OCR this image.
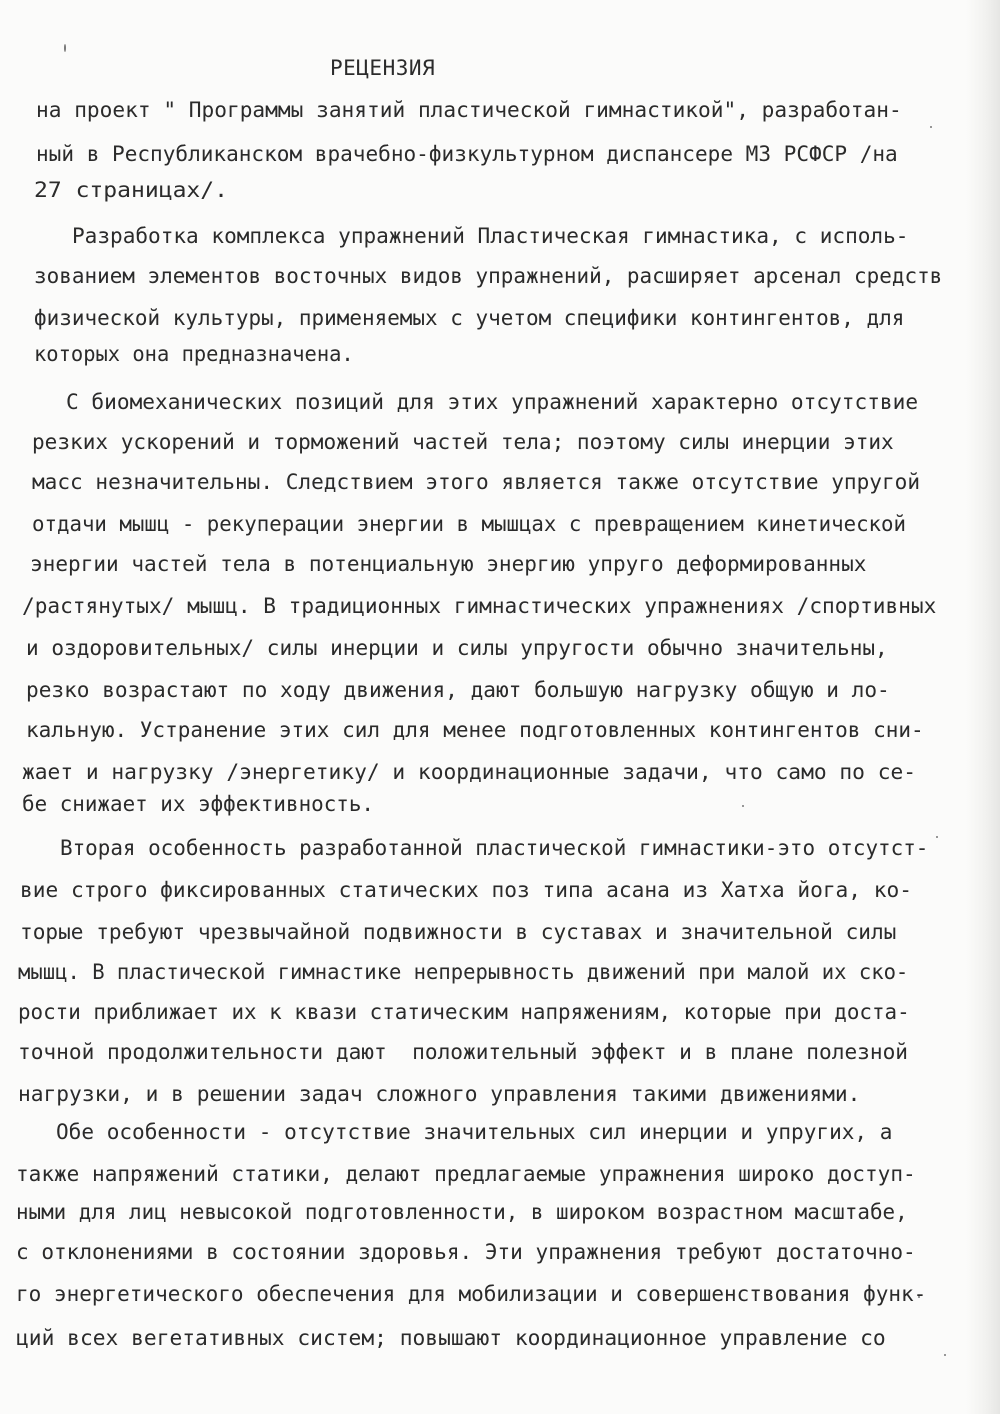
РЕЦЕНЗИЯ
на проект " Программы занятий пластической гимнастикой", разработан-
ный в Республиканском врачебно-физкультурном диспансере МЗ РСФСР /на
27 страницах/.
Разработка комплекса упражнений Пластическая гимнастика, с исполь-
зованием элементов восточных видов упражнений, расширяет арсенал средств
физической культуры, применяемых с учетом специфики контингентов, для
которых она предназначена.
С биомеханических позиций для этих упражнений характерно отсутствие
резких ускорений и торможений частей тела; поэтому силы инерции этих
масс незначительны. Следствием этого является также отсутствие упругой
отдачи мышц - рекуперации энергии в мышцах с превращением кинетической
энергии частей тела в потенциальную энергию упруго деформированных
/растянутых/ мышц. В традиционных гимнастических упражнениях /спортивных
и оздоровительных/ силы инерции и силы упругости обычно значительны,
резко возрастают по ходу движения, дают большую нагрузку общую и ло-
кальную. Устранение этих сил для менее подготовленных контингентов сни-
жает и нагрузку /энергетику/ и координационные задачи, что само по се-
бе снижает их эффективность.
Вторая особенность разработанной пластической гимнастики-это отсутст-
вие строго фиксированных статических поз типа асана из Хатха йога, ко-
торые требуют чрезвычайной подвижности в суставах и значительной силы
мышц. В пластической гимнастике непрерывность движений при малой их ско-
рости приближает их к квази статическим напряжениям, которые при доста-
точной продолжительности дают  положительный эффект и в плане полезной
нагрузки, и в решении задач сложного управления такими движениями.
Обе особенности - отсутствие значительных сил инерции и упругих, а
также напряжений статики, делают предлагаемые упражнения широко доступ-
ными для лиц невысокой подготовленности, в широком возрастном масштабе,
с отклонениями в состоянии здоровья. Эти упражнения требуют достаточно-
го энергетического обеспечения для мобилизации и совершенствования функ-
ций всех вегетативных систем; повышают координационное управление со
